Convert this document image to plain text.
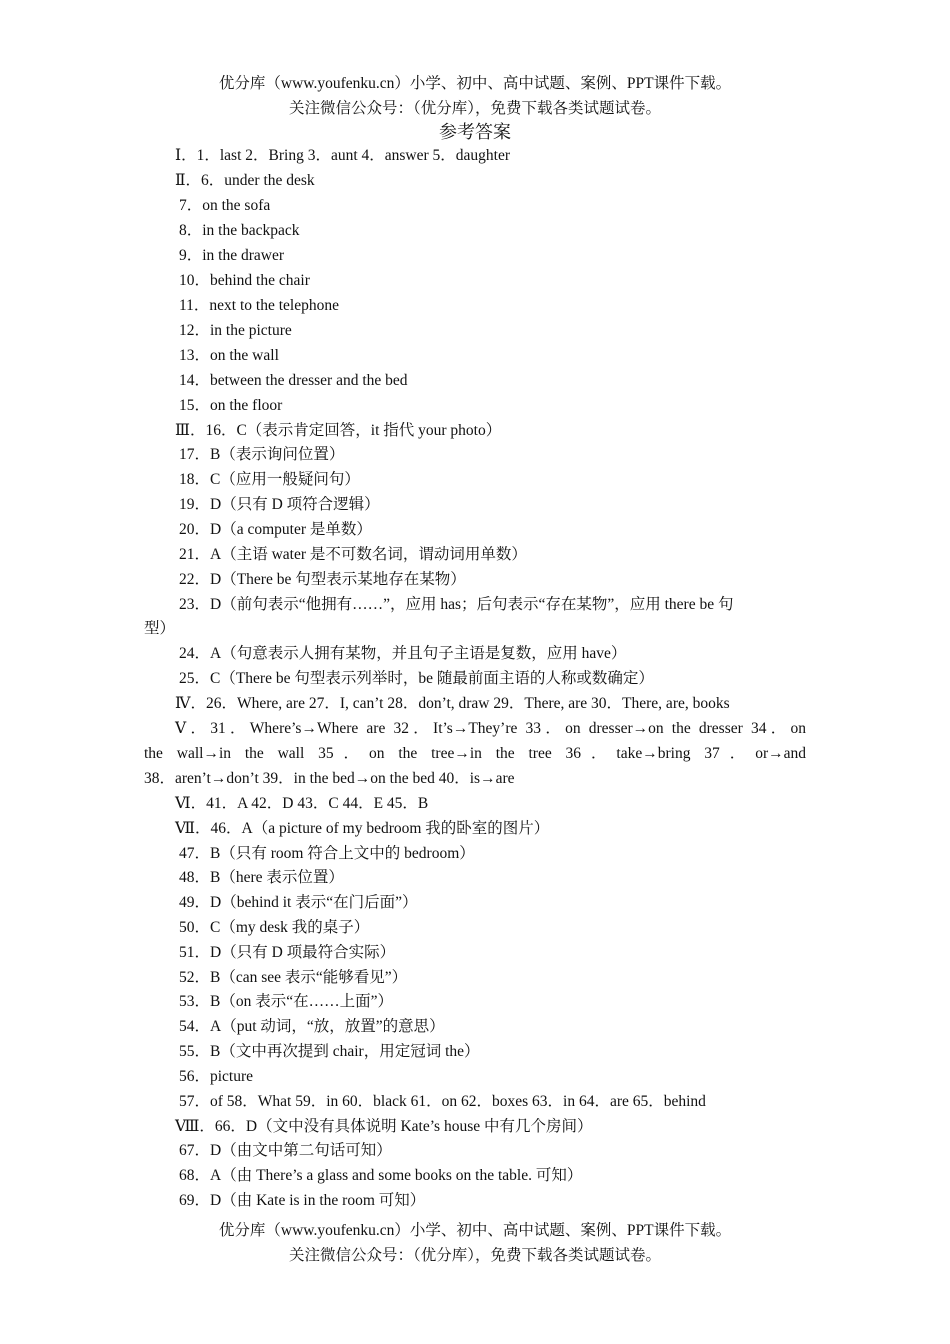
优分库（www.youfenku.cn）小学、初中、高中试题、案例、PPT课件下载。
关注微信公众号：（优分库），免费下载各类试题试卷。
参考答案
Ⅰ．1．last 2．Bring 3．aunt 4．answer 5．daughter
Ⅱ．6．under the desk
7．on the sofa
8．in the backpack
9．in the drawer
10．behind the chair
11．next to the telephone
12．in the picture
13．on the wall
14．between the dresser and the bed
15．on the floor
Ⅲ．16．C（表示肯定回答，it 指代 your photo）
17．B（表示询问位置）
18．C（应用一般疑问句）
19．D（只有 D 项符合逻辑）
20．D（a computer 是单数）
21．A（主语 water 是不可数名词，谓动词用单数）
22．D（There be 句型表示某地存在某物）
23．D（前句表示“他拥有……”，应用 has；后句表示“存在某物”，应用 there be 句
型）
24．A（句意表示人拥有某物，并且句子主语是复数，应用 have）
25．C（There be 句型表示列举时，be 随最前面主语的人称或数确定）
Ⅳ．26．Where, are 27．I, can’t 28．don’t, draw 29．There, are 30．There, are, books
Ⅴ．31．Where’s→Where are 32．It’s→They’re 33．on dresser→on the dresser 34．on
the wall→in the wall 35．on the tree→in the tree 36．take→bring 37．or→and
38．aren’t→don’t 39．in the bed→on the bed 40．is→are
Ⅵ．41．A 42．D 43．C 44．E 45．B
Ⅶ．46．A（a picture of my bedroom 我的卧室的图片）
47．B（只有 room 符合上文中的 bedroom）
48．B（here 表示位置）
49．D（behind it 表示“在门后面”）
50．C（my desk 我的桌子）
51．D（只有 D 项最符合实际）
52．B（can see 表示“能够看见”）
53．B（on 表示“在……上面”）
54．A（put 动词，“放，放置”的意思）
55．B（文中再次提到 chair，用定冠词 the）
56．picture
57．of 58．What 59．in 60．black 61．on 62．boxes 63．in 64．are 65．behind
Ⅷ．66．D（文中没有具体说明 Kate’s house 中有几个房间）
67．D（由文中第二句话可知）
68．A（由 There’s a glass and some books on the table. 可知）
69．D（由 Kate is in the room 可知）
优分库（www.youfenku.cn）小学、初中、高中试题、案例、PPT课件下载。
关注微信公众号：（优分库），免费下载各类试题试卷。
